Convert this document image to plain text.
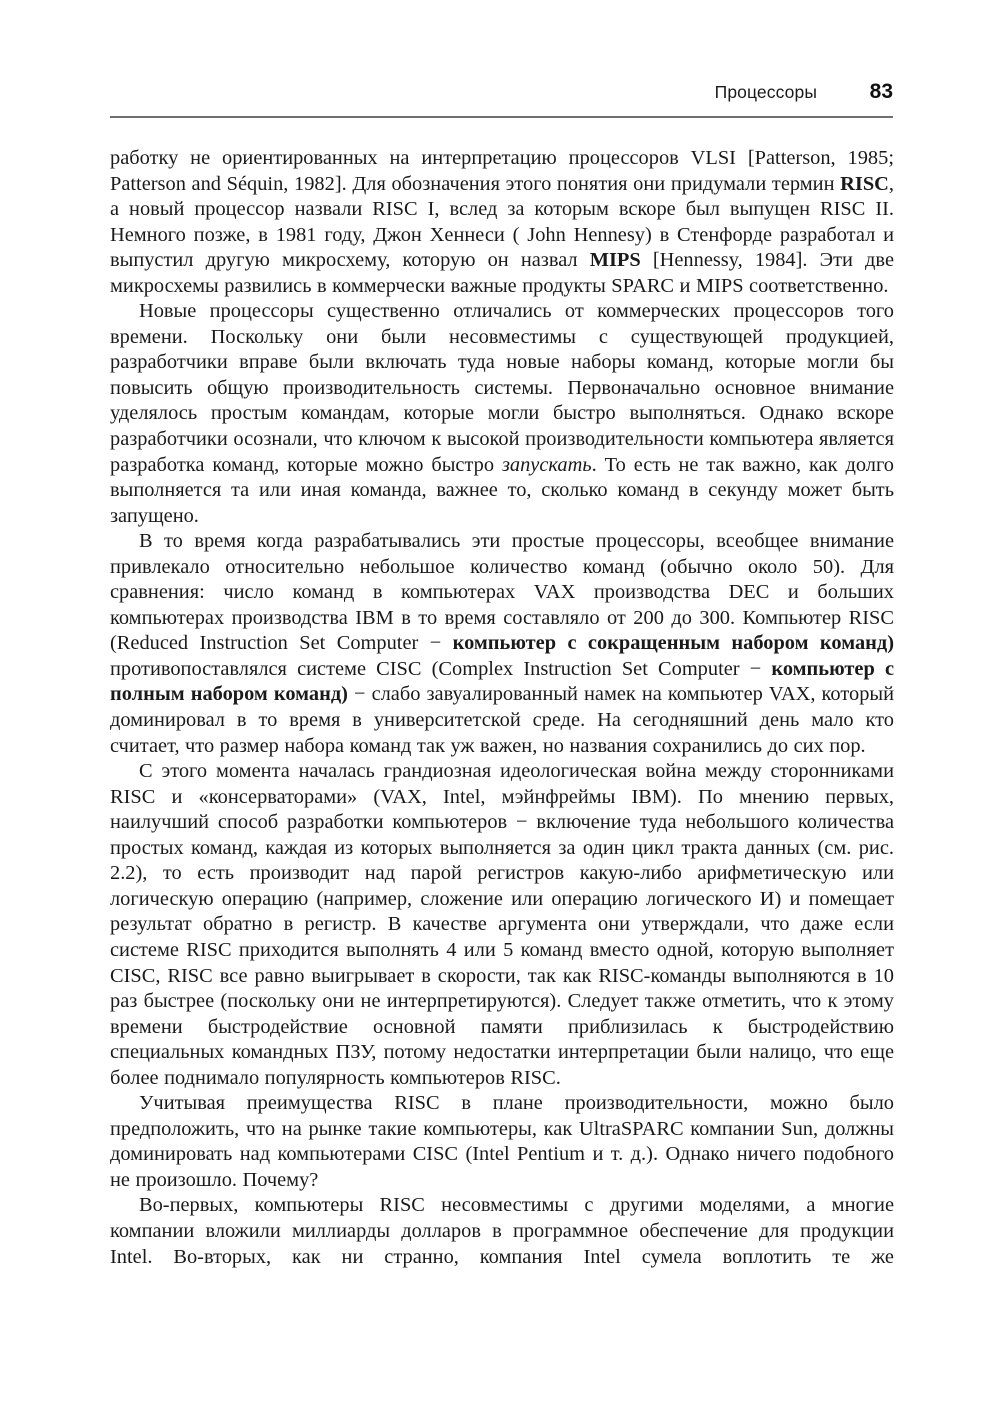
Процессоры	83

работку не ориентированных на интерпретацию процессоров VLSI [Patterson, 1985; Patterson and Séquin, 1982]. Для обозначения этого понятия они придумали термин RISC, а новый процессор назвали RISC I, вслед за которым вскоре был выпущен RISC II. Немного позже, в 1981 году, Джон Хеннеси ( John Hennesy) в Стенфорде разработал и выпустил другую микросхему, которую он назвал MIPS [Hennessy, 1984]. Эти две микросхемы развились в коммерчески важные продукты SPARC и MIPS соответственно.

Новые процессоры существенно отличались от коммерческих процессоров того времени. Поскольку они были несовместимы с существующей продукцией, разработчики вправе были включать туда новые наборы команд, которые могли бы повысить общую производительность системы. Первоначально основное внимание уделялось простым командам, которые могли быстро выполняться. Однако вскоре разработчики осознали, что ключом к высокой производительности компьютера является разработка команд, которые можно быстро запускать. То есть не так важно, как долго выполняется та или иная команда, важнее то, сколько команд в секунду может быть запущено.

В то время когда разрабатывались эти простые процессоры, всеобщее внимание привлекало относительно небольшое количество команд (обычно около 50). Для сравнения: число команд в компьютерах VAX производства DEC и больших компьютерах производства IBM в то время составляло от 200 до 300. Компьютер RISC (Reduced Instruction Set Computer − компьютер с сокращенным набором команд) противопоставлялся системе CISC (Complex Instruction Set Computer − компьютер с полным набором команд) − слабо завуалированный намек на компьютер VAX, который доминировал в то время в университетской среде. На сегодняшний день мало кто считает, что размер набора команд так уж важен, но названия сохранились до сих пор.

С этого момента началась грандиозная идеологическая война между сторонниками RISC и «консерваторами» (VAX, Intel, мэйнфреймы IBM). По мнению первых, наилучший способ разработки компьютеров − включение туда небольшого количества простых команд, каждая из которых выполняется за один цикл тракта данных (см. рис. 2.2), то есть производит над парой регистров какую-либо арифметическую или логическую операцию (например, сложение или операцию логического И) и помещает результат обратно в регистр. В качестве аргумента они утверждали, что даже если системе RISC приходится выполнять 4 или 5 команд вместо одной, которую выполняет CISC, RISC все равно выигрывает в скорости, так как RISC-команды выполняются в 10 раз быстрее (поскольку они не интерпретируются). Следует также отметить, что к этому времени быстродействие основной памяти приблизилась к быстродействию специальных командных ПЗУ, потому недостатки интерпретации были налицо, что еще более поднимало популярность компьютеров RISC.

Учитывая преимущества RISC в плане производительности, можно было предположить, что на рынке такие компьютеры, как UltraSPARC компании Sun, должны доминировать над компьютерами CISC (Intel Pentium и т. д.). Однако ничего подобного не произошло. Почему?

Во-первых, компьютеры RISC несовместимы с другими моделями, а многие компании вложили миллиарды долларов в программное обеспечение для продукции Intel. Во-вторых, как ни странно, компания Intel сумела воплотить те же
